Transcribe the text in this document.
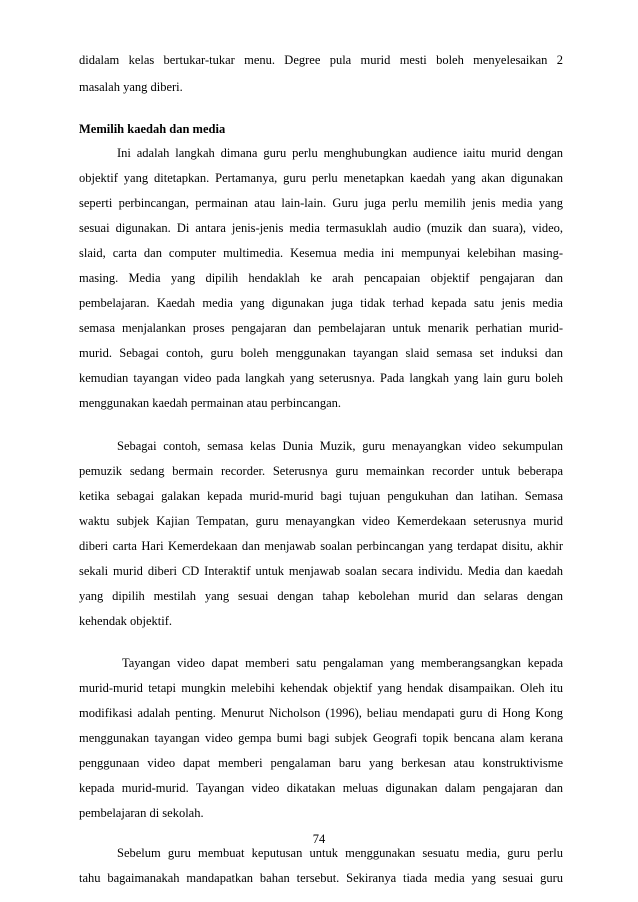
didalam kelas bertukar-tukar menu. Degree pula murid mesti boleh menyelesaikan 2
masalah yang diberi.
Memilih kaedah dan media
Ini adalah langkah dimana guru perlu menghubungkan audience iaitu murid dengan
objektif yang ditetapkan. Pertamanya, guru perlu menetapkan kaedah yang akan digunakan
seperti perbincangan, permainan atau lain-lain. Guru juga perlu memilih jenis media yang
sesuai digunakan. Di antara jenis-jenis media termasuklah audio (muzik dan suara), video,
slaid, carta dan computer multimedia. Kesemua media ini mempunyai kelebihan masing-
masing. Media yang dipilih hendaklah ke arah pencapaian objektif pengajaran dan
pembelajaran. Kaedah media yang digunakan juga tidak terhad kepada satu jenis media
semasa menjalankan proses pengajaran dan pembelajaran untuk menarik perhatian murid-
murid. Sebagai contoh, guru boleh menggunakan tayangan slaid semasa set induksi dan
kemudian tayangan video pada langkah yang seterusnya. Pada langkah yang lain guru boleh
menggunakan kaedah permainan atau perbincangan.
Sebagai contoh, semasa kelas Dunia Muzik, guru menayangkan video sekumpulan
pemuzik sedang bermain recorder. Seterusnya guru memainkan recorder untuk beberapa
ketika sebagai galakan kepada murid-murid bagi tujuan pengukuhan dan latihan. Semasa
waktu subjek Kajian Tempatan, guru menayangkan video Kemerdekaan seterusnya murid
diberi carta Hari Kemerdekaan dan menjawab soalan perbincangan yang terdapat disitu, akhir
sekali murid diberi CD Interaktif untuk menjawab soalan secara individu. Media dan kaedah
yang dipilih mestilah yang sesuai dengan tahap kebolehan murid dan selaras dengan
kehendak objektif.
Tayangan video dapat memberi satu pengalaman yang memberangsangkan kepada
murid-murid tetapi mungkin melebihi kehendak objektif yang hendak disampaikan. Oleh itu
modifikasi adalah penting. Menurut Nicholson (1996), beliau mendapati guru di Hong Kong
menggunakan tayangan video gempa bumi bagi subjek Geografi topik bencana alam kerana
penggunaan video dapat memberi pengalaman baru yang berkesan atau konstruktivisme
kepada murid-murid. Tayangan video dikatakan meluas digunakan dalam pengajaran dan
pembelajaran di sekolah.
Sebelum guru membuat keputusan untuk menggunakan sesuatu media, guru perlu
tahu bagaimanakah mandapatkan bahan tersebut. Sekiranya tiada media yang sesuai guru
74
